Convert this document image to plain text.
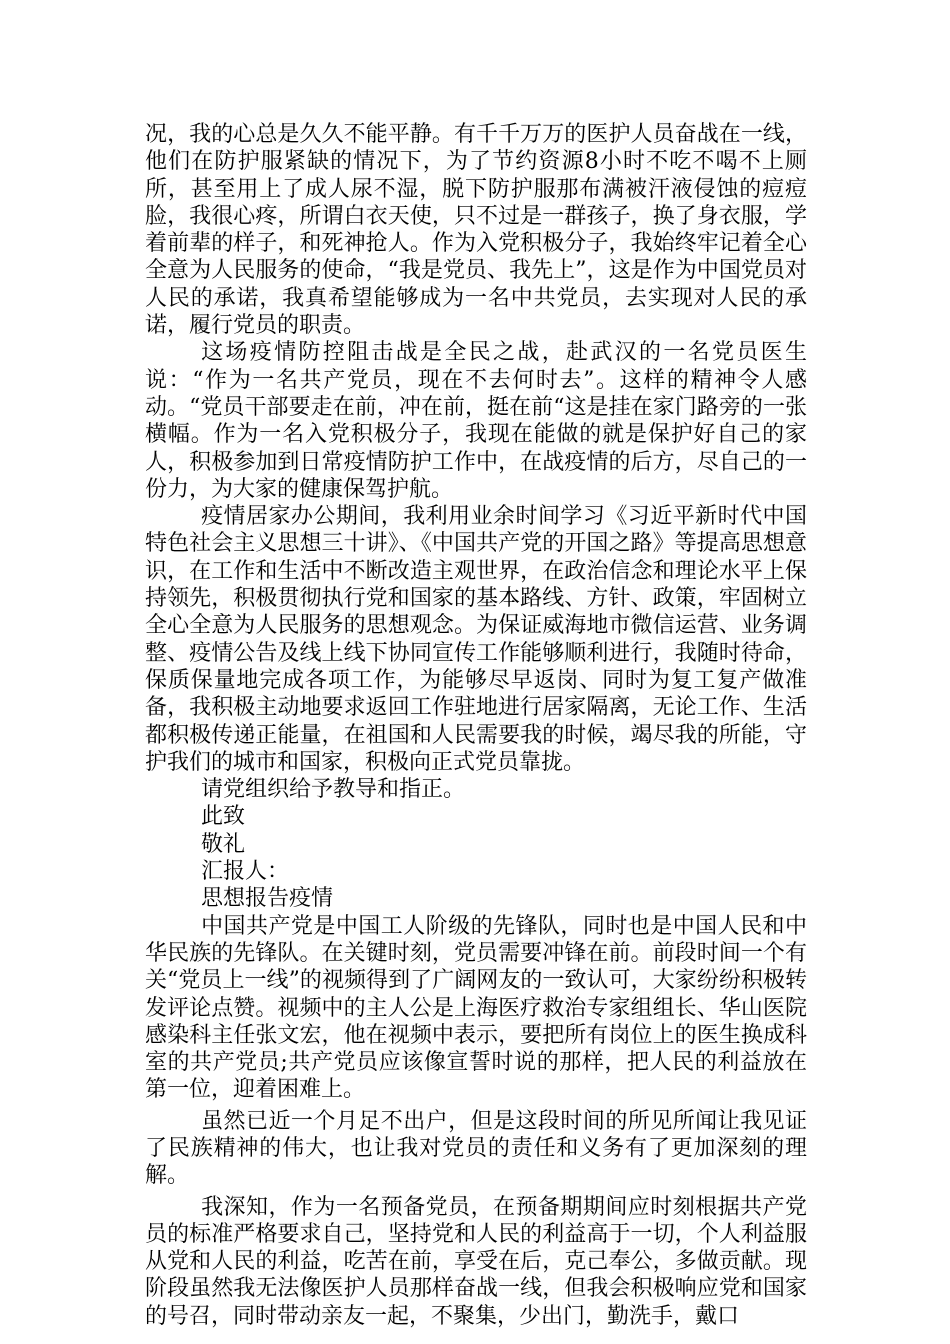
况，我的心总是久久不能平静。有千千万万的医护人员奋战在一线，他们在防护服紧缺的情况下，为了节约资源8小时不吃不喝不上厕所，甚至用上了成人尿不湿，脱下防护服那布满被汗液侵蚀的痘痘脸，我很心疼，所谓白衣天使，只不过是一群孩子，换了身衣服，学着前辈的样子，和死神抢人。作为入党积极分子，我始终牢记着全心全意为人民服务的使命，“我是党员、我先上”，这是作为中国党员对人民的承诺，我真希望能够成为一名中共党员，去实现对人民的承诺，履行党员的职责。

这场疫情防控阻击战是全民之战，赴武汉的一名党员医生说：“作为一名共产党员，现在不去何时去”。这样的精神令人感动。“党员干部要走在前，冲在前，挺在前“这是挂在家门路旁的一张横幅。作为一名入党积极分子，我现在能做的就是保护好自己的家人，积极参加到日常疫情防护工作中，在战疫情的后方，尽自己的一份力，为大家的健康保驾护航。

疫情居家办公期间，我利用业余时间学习《习近平新时代中国特色社会主义思想三十讲》、《中国共产党的开国之路》等提高思想意识，在工作和生活中不断改造主观世界，在政治信念和理论水平上保持领先，积极贯彻执行党和国家的基本路线、方针、政策，牢固树立全心全意为人民服务的思想观念。为保证威海地市微信运营、业务调整、疫情公告及线上线下协同宣传工作能够顺利进行，我随时待命，保质保量地完成各项工作，为能够尽早返岗、同时为复工复产做准备，我积极主动地要求返回工作驻地进行居家隔离，无论工作、生活都积极传递正能量，在祖国和人民需要我的时候，竭尽我的所能，守护我们的城市和国家，积极向正式党员靠拢。

请党组织给予教导和指正。

此致

敬礼

汇报人：

思想报告疫情

中国共产党是中国工人阶级的先锋队，同时也是中国人民和中华民族的先锋队。在关键时刻，党员需要冲锋在前。前段时间一个有关“党员上一线”的视频得到了广阔网友的一致认可，大家纷纷积极转发评论点赞。视频中的主人公是上海医疗救治专家组组长、华山医院感染科主任张文宏，他在视频中表示，要把所有岗位上的医生换成科室的共产党员;共产党员应该像宣誓时说的那样，把人民的利益放在第一位，迎着困难上。

虽然已近一个月足不出户，但是这段时间的所见所闻让我见证了民族精神的伟大，也让我对党员的责任和义务有了更加深刻的理解。

我深知，作为一名预备党员，在预备期期间应时刻根据共产党员的标准严格要求自己，坚持党和人民的利益高于一切，个人利益服从党和人民的利益，吃苦在前，享受在后，克己奉公，多做贡献。现阶段虽然我无法像医护人员那样奋战一线，但我会积极响应党和国家的号召，同时带动亲友一起，不聚集，少出门，勤洗手，戴口
